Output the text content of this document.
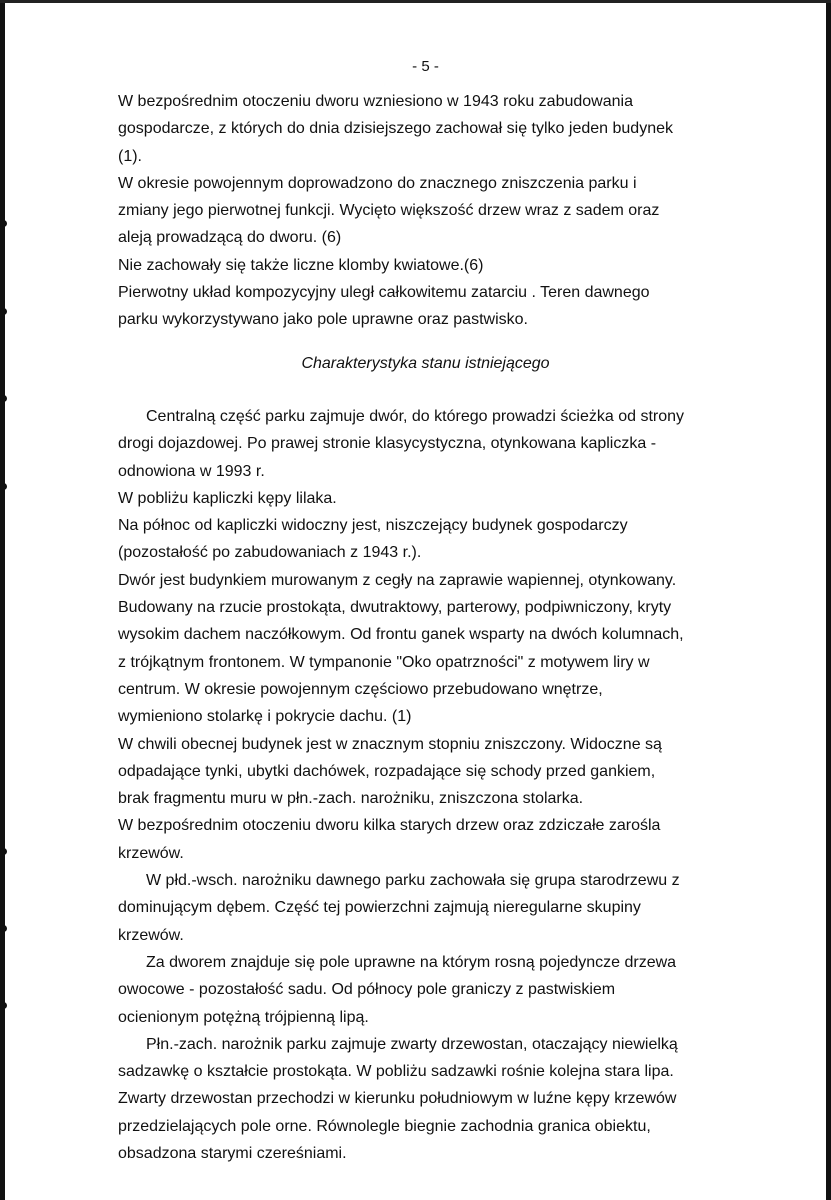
- 5 -

W bezpośrednim otoczeniu dworu wzniesiono w 1943 roku zabudowania

gospodarcze, z których do dnia dzisiejszego zachował się tylko jeden budynek

(1).

W okresie powojennym doprowadzono do znacznego zniszczenia parku i

zmiany jego pierwotnej funkcji. Wycięto większość drzew wraz z sadem oraz

aleją prowadzącą do dworu. (6)

Nie zachowały się także liczne klomby kwiatowe.(6)

Pierwotny układ kompozycyjny uległ całkowitemu zatarciu . Teren dawnego

parku wykorzystywano jako pole uprawne oraz pastwisko.

Charakterystyka stanu istniejącego

Centralną część parku zajmuje dwór, do którego prowadzi ścieżka od strony

drogi dojazdowej. Po prawej stronie klasycystyczna, otynkowana kapliczka -

odnowiona w 1993 r.

W pobliżu kapliczki kępy lilaka.

Na północ od kapliczki widoczny jest, niszczejący budynek gospodarczy

(pozostałość po zabudowaniach z 1943 r.).

Dwór jest budynkiem murowanym z cegły na zaprawie wapiennej, otynkowany.

Budowany na rzucie prostokąta, dwutraktowy, parterowy, podpiwniczony, kryty

wysokim dachem naczółkowym. Od frontu ganek wsparty na dwóch kolumnach,

z trójkątnym frontonem. W tympanonie "Oko opatrzności" z motywem liry w

centrum. W okresie powojennym częściowo przebudowano wnętrze,

wymieniono stolarkę i pokrycie dachu. (1)

W chwili obecnej budynek jest w znacznym stopniu zniszczony. Widoczne są

odpadające tynki, ubytki dachówek, rozpadające się schody przed gankiem,

brak fragmentu muru w płn.-zach. narożniku, zniszczona stolarka.

W bezpośrednim otoczeniu dworu kilka starych drzew oraz zdziczałe zarośla

krzewów.

W płd.-wsch. narożniku dawnego parku zachowała się grupa starodrzewu z

dominującym dębem. Część tej powierzchni zajmują nieregularne skupiny

krzewów.

Za dworem znajduje się pole uprawne na którym rosną pojedyncze drzewa

owocowe - pozostałość sadu. Od północy pole graniczy z pastwiskiem

ocienionym potężną trójpienną lipą.

Płn.-zach. narożnik parku zajmuje zwarty drzewostan, otaczający niewielką

sadzawkę o kształcie prostokąta. W pobliżu sadzawki rośnie kolejna stara lipa.

Zwarty drzewostan przechodzi w kierunku południowym w luźne kępy krzewów

przedzielających pole orne. Równolegle biegnie zachodnia granica obiektu,

obsadzona starymi czereśniami.
